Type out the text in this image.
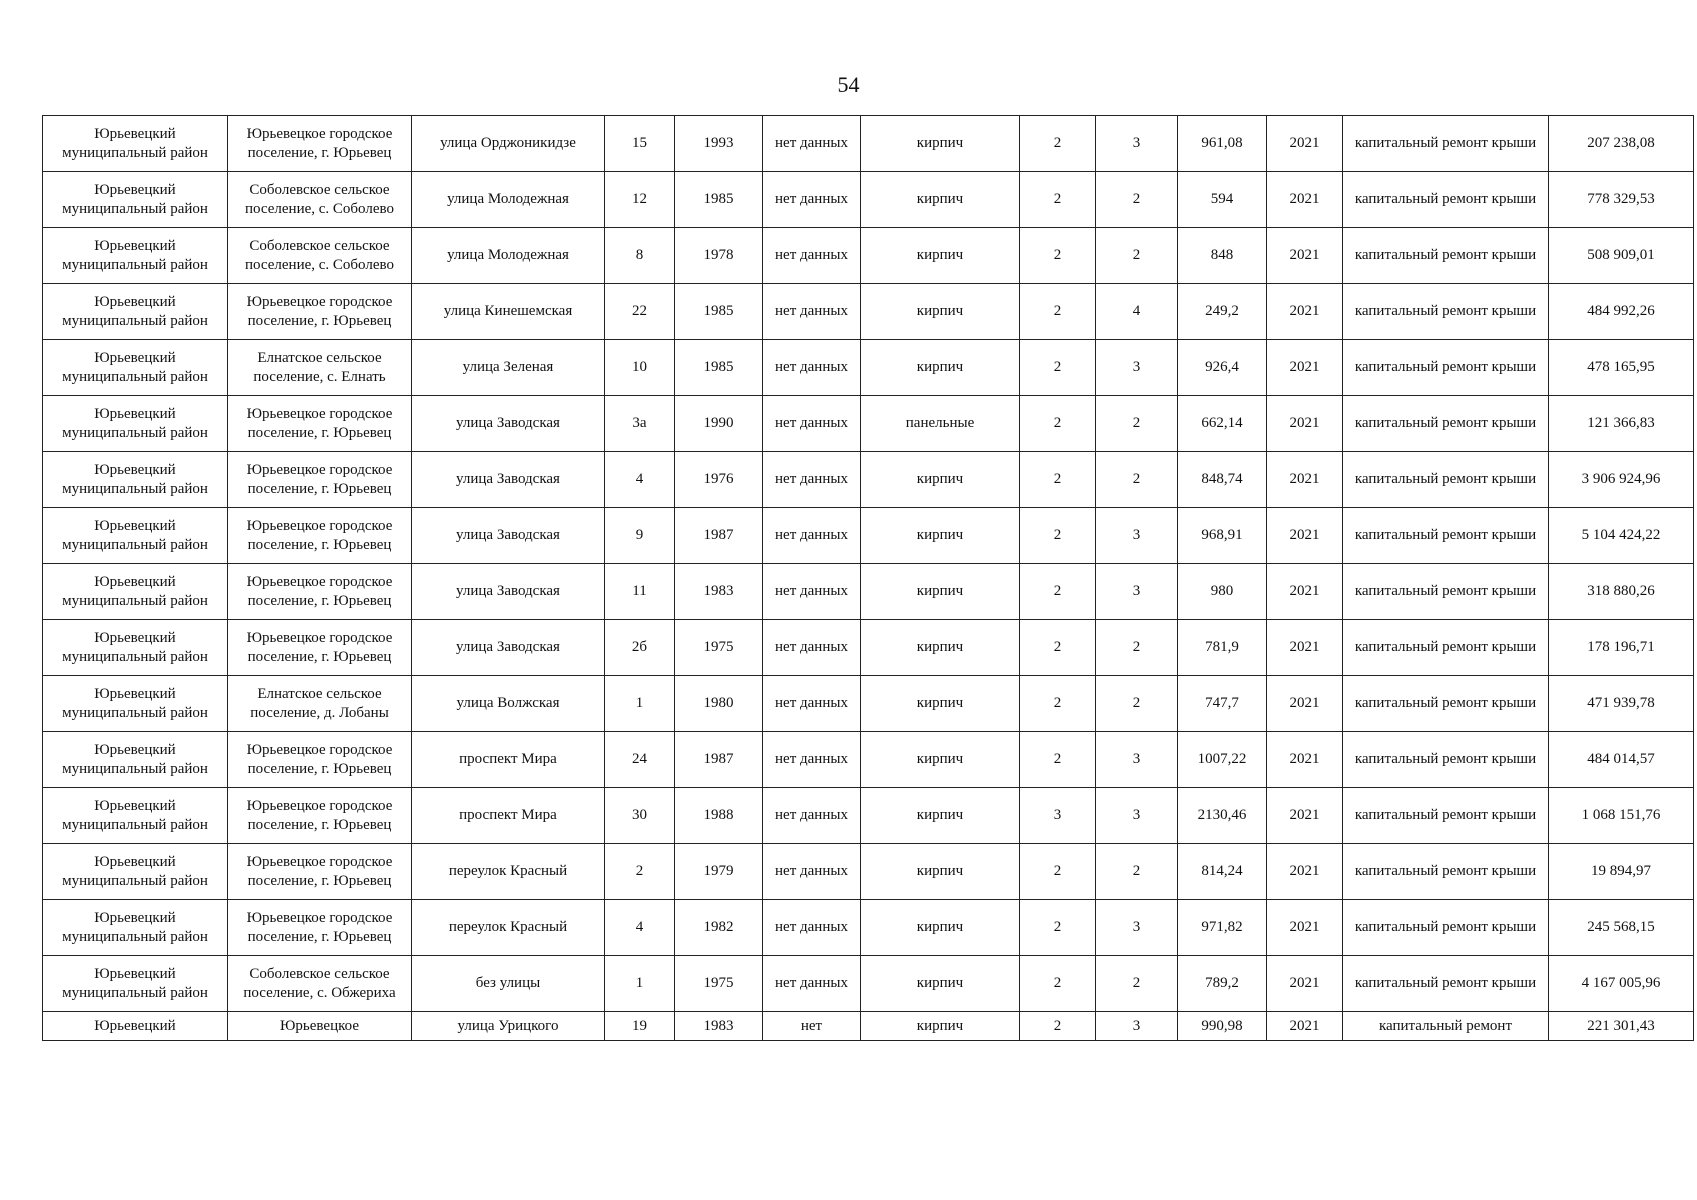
54
Юрьевецкий муниципальный район	Юрьевецкое городское поселение, г. Юрьевец	улица Орджоникидзе	15	1993	нет данных	кирпич	2	3	961,08	2021	капитальный ремонт крыши	207 238,08
Юрьевецкий муниципальный район	Соболевское сельское поселение, с. Соболево	улица Молодежная	12	1985	нет данных	кирпич	2	2	594	2021	капитальный ремонт крыши	778 329,53
Юрьевецкий муниципальный район	Соболевское сельское поселение, с. Соболево	улица Молодежная	8	1978	нет данных	кирпич	2	2	848	2021	капитальный ремонт крыши	508 909,01
Юрьевецкий муниципальный район	Юрьевецкое городское поселение, г. Юрьевец	улица Кинешемская	22	1985	нет данных	кирпич	2	4	249,2	2021	капитальный ремонт крыши	484 992,26
Юрьевецкий муниципальный район	Елнатское сельское поселение, с. Елнать	улица Зеленая	10	1985	нет данных	кирпич	2	3	926,4	2021	капитальный ремонт крыши	478 165,95
Юрьевецкий муниципальный район	Юрьевецкое городское поселение, г. Юрьевец	улица Заводская	3а	1990	нет данных	панельные	2	2	662,14	2021	капитальный ремонт крыши	121 366,83
Юрьевецкий муниципальный район	Юрьевецкое городское поселение, г. Юрьевец	улица Заводская	4	1976	нет данных	кирпич	2	2	848,74	2021	капитальный ремонт крыши	3 906 924,96
Юрьевецкий муниципальный район	Юрьевецкое городское поселение, г. Юрьевец	улица Заводская	9	1987	нет данных	кирпич	2	3	968,91	2021	капитальный ремонт крыши	5 104 424,22
Юрьевецкий муниципальный район	Юрьевецкое городское поселение, г. Юрьевец	улица Заводская	11	1983	нет данных	кирпич	2	3	980	2021	капитальный ремонт крыши	318 880,26
Юрьевецкий муниципальный район	Юрьевецкое городское поселение, г. Юрьевец	улица Заводская	2б	1975	нет данных	кирпич	2	2	781,9	2021	капитальный ремонт крыши	178 196,71
Юрьевецкий муниципальный район	Елнатское сельское поселение, д. Лобаны	улица Волжская	1	1980	нет данных	кирпич	2	2	747,7	2021	капитальный ремонт крыши	471 939,78
Юрьевецкий муниципальный район	Юрьевецкое городское поселение, г. Юрьевец	проспект Мира	24	1987	нет данных	кирпич	2	3	1007,22	2021	капитальный ремонт крыши	484 014,57
Юрьевецкий муниципальный район	Юрьевецкое городское поселение, г. Юрьевец	проспект Мира	30	1988	нет данных	кирпич	3	3	2130,46	2021	капитальный ремонт крыши	1 068 151,76
Юрьевецкий муниципальный район	Юрьевецкое городское поселение, г. Юрьевец	переулок Красный	2	1979	нет данных	кирпич	2	2	814,24	2021	капитальный ремонт крыши	19 894,97
Юрьевецкий муниципальный район	Юрьевецкое городское поселение, г. Юрьевец	переулок Красный	4	1982	нет данных	кирпич	2	3	971,82	2021	капитальный ремонт крыши	245 568,15
Юрьевецкий муниципальный район	Соболевское сельское поселение, с. Обжериха	без улицы	1	1975	нет данных	кирпич	2	2	789,2	2021	капитальный ремонт крыши	4 167 005,96
Юрьевецкий	Юрьевецкое	улица Урицкого	19	1983	нет	кирпич	2	3	990,98	2021	капитальный ремонт	221 301,43
